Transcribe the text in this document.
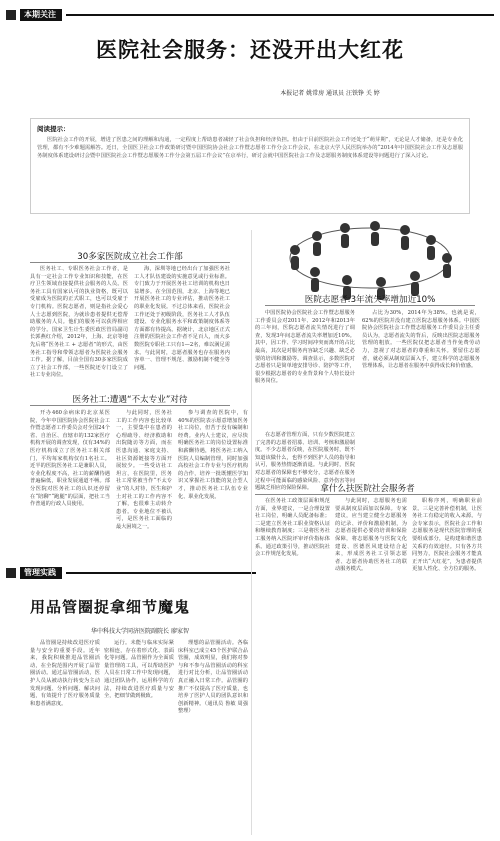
本期关注
医院社会服务：还没开出大红花
本报记者 姚常房 通讯员 汪铁铮 关 婷
阅读提示：

医院社会工作的开展，增进了医患之间的理解和沟通，一定程度上帮助患者减轻了社会负担和经济负担。但由于目前医院社会工作还处于“萌芽期”，无论是人才储备，还是专业化管理，都有不少难题需解答。近日，全国医卫社会工作政策研讨暨中国医院协会社会工作暨志愿者工作分会工作会议，在北京大学人民医院举办的“2014年中国医院社会工作及志愿服务制度体系建设研讨会暨中国医院社会工作暨志愿服务工作分会第五届工作会议”在京举行，研讨会就中国医院社会工作及志愿服务制度体系建设等问题进行了深入讨论。

30多家医院成立社会工作部

医务社工、专职医务社会工作者，是具有一定社会工作专业知识和技能，在医疗卫生领域直接提供社会服务的人员。医务社工具有国家认可的执业资格，既可以受雇成为医院的正式职工，也可以受雇于专门机构。医院志愿者，则是指社会爱心人士志愿到医院，为就诊患者提供无偿帮助服务的人员。他们的服务可以获得相应的学分。国家卫生计生委医政医管局副司长郭燕红介绍，2012年，上海、北京等地先后将“医务社工 + 志愿者”的形式，由医务社工指导和带领志愿者为医院社会服务工作。据了解，目前全国有30多家医院成立了社会工作部，一些医院还专门设立了社工专业岗位。

海，深圳等地已经出台了加强医务社工人才队伍建设的实施意见或行业标准。专门致力于开展医务社工培训的机构也日益增多。在全国范围，北京、上海等地已开展医务社工的专业评估，推动医务社工的职业化发展。不过总体来看，医院社会工作还处于初级阶段，医务社工人才队伍建设、专业化服务水平和政策制度体系等方面都有待提高。据统计，北京地区正式注册的医院社会工作者不足百人，而大多数医院专职社工只有1—2名，难以满足需求。与此同时，志愿者服务也存在服务内容单一、管理不规范、激励机制不健全等问题。

医院志愿者:3年流失率增加近10%

中国医院协会医院社会工作暨志愿服务工作委员会对2011年、2012年和2013年的三年间，医院志愿者流失情况进行了调查，发现3年间志愿者流失率增加近10%。其中，因工作、学习时间冲突而离开的占比最高，其次是对服务内容缺乏兴趣、缺乏必要的培训和激励等。调查显示，多数医院对志愿者只是简单地安排导诊、陪护等工作，很少根据志愿者的专业背景和个人特长设计服务岗位。

在志愿者管理方面，只有少数医院建立了完善的志愿者招募、培训、考核和激励制度。不少志愿者反映，在医院服务时，既不知道该做什么，也得不到医护人员的指导和认可，服务热情逐渐消退。与此同时，医院对志愿者的保障也不够充分，志愿者在服务过程中可能面临的感染风险、意外伤害等问题缺乏相应的保险保障。

占比为30%，2014年为38%。也就是说，62%的医院并没有建立医院志愿服务体系。中国医院协会医院社会工作暨志愿服务工作委员会主任委员认为，志愿者流失的背后，反映出医院志愿服务管理的粗放。一些医院仅把志愿者当作免费劳动力，忽视了对志愿者的尊重和关怀。要留住志愿者，就必须从制度层面入手，建立科学的志愿服务管理体系，让志愿者在服务中获得成长和价值感。

医务社工:遭遇“不太专业”对待

开办460余病床的北京某医院，今年中国医院协会医院社会工作暨志愿者工作委员会对全国24个省、自治区、直辖市的132家医疗机构开展的调查发现，仅有34%的医疗机构成立了医务社工相关部门，平均每家机构仅有1名社工。近半的医院医务社工是兼职人员，专业化程度不高，社工的薪酬待遇普遍偏低，职业发展通道不畅。部分医院对医务社工的认识还停留在“陪聊”“跑腿”的层面，把社工当作普通的行政人员使用。

与此同时，医务社工的工作内容也比较单一，主要集中在患者的心理疏导、经济救助和出院随访等方面，而在医患沟通、家庭支持、社区资源链接等方面开展较少。一些受访社工坦言，在医院里，医务社工常常被当作“不太专业”的人对待，医生和护士对社工的工作内容不了解，也很难主动转介患者。专业地位不被认可，是医务社工面临的最大困境之一。

参与调查的医院中，有40%的医院表示愿意增加医务社工岗位，但苦于没有编制和经费。业内人士建议，应尽快明确医务社工的岗位设置标准和薪酬待遇，将医务社工纳入医院人员编制管理，同时加强高校社会工作专业与医疗机构的合作，培养一批既懂医学知识又掌握社工技能的复合型人才，推动医务社工队伍专业化、职业化发展。

拿什么扶医院社会服务者

在医务社工政策层面和规范方面，业界建议，一是合理设置社工岗位，明确人员配备标准；二是建立医务社工职业资格认证和继续教育制度；三是将医务社工服务纳入医院评审评价指标体系。通过政策引导，推动医院社会工作规范化发展。

与此同时，志愿服务也需要从制度层面加以保障。专家建议，应当建立健全志愿服务的记录、评价和激励机制，为志愿者提供必要的培训和保险保障，将志愿服务与医院文化建设、医德医风建设结合起来，形成医务社工引领志愿者、志愿者协助医务社工的联动服务模式。

职称序列，明确职业前景。三是完善补偿机制，让医务社工有稳定的收入来源。与会专家表示，医院社会工作和志愿服务是现代医院管理的重要组成部分，是构建和谐医患关系的有效途径。只有各方共同努力，医院社会服务才能真正开出“大红花”，为患者提供更加人性化、全方位的服务。

管理实践
用品管圈捉拿细节魔鬼
华中科技大学同济医院副院长 廖家智

品管圈是持续改进医疗质量与安全的重要手段。近年来，我院积极推进品管圈活动，在全院范围内开展了品管圈活动。通过品管圈活动，医护人员从被动执行转变为主动发现问题、分析问题、解决问题，有效提升了医疗服务质量和患者满意度。

运行。未能与临床实际紧密相连，存在着形式化、表面化等问题。品管圈作为全面质量管理的工具，可以帮助医护人员在日常工作中发现问题，通过团队协作，运用科学的方法，持续改进医疗质量与安全，把细节做到极致。

理想的品管圈活动。各临床科室已成立45个医护联合品管圈，成效明显，我们将对参与和不参与品管圈活动的科室进行对比分析，让品管圈活动真正融入日常工作。品管圈的推广不仅提高了医疗质量，也培养了医护人员的团队意识和创新精神。（通讯员 鲁敏 周强 整理）
